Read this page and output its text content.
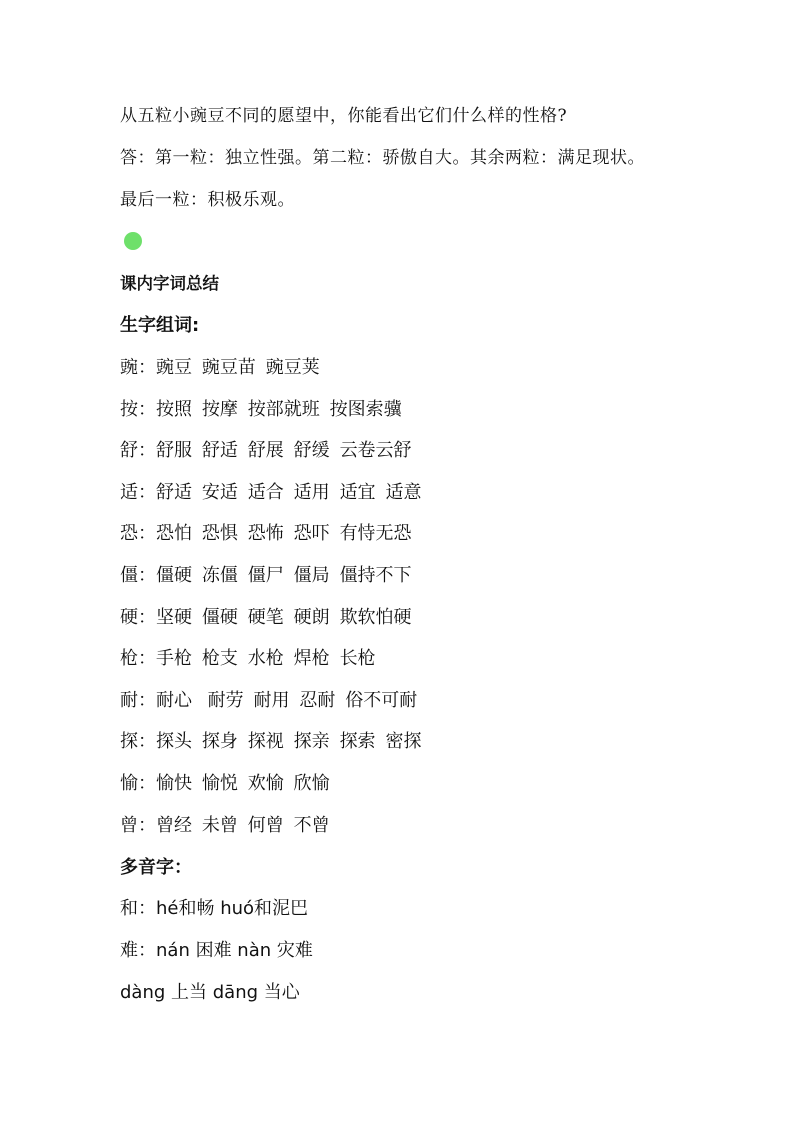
从五粒小豌豆不同的愿望中，你能看出它们什么样的性格?
答：第一粒：独立性强。第二粒：骄傲自大。其余两粒：满足现状。
最后一粒：积极乐观。
课内字词总结
生字组词:
豌：豌豆 豌豆苗 豌豆荚
按：按照 按摩 按部就班 按图索骥
舒：舒服 舒适 舒展 舒缓 云卷云舒
适：舒适 安适 适合 适用 适宜 适意
恐：恐怕 恐惧 恐怖 恐吓 有恃无恐
僵：僵硬 冻僵 僵尸 僵局 僵持不下
硬：坚硬 僵硬 硬笔 硬朗 欺软怕硬
枪：手枪 枪支 水枪 焊枪 长枪
耐：耐心 耐劳 耐用 忍耐 俗不可耐
探：探头 探身 探视 探亲 探索 密探
愉：愉快 愉悦 欢愉 欣愉
曾：曾经 未曾 何曾 不曾
多音字：
和：hé和畅 huó和泥巴
难：nán 困难 nàn 灾难
dàng 上当 dāng 当心
